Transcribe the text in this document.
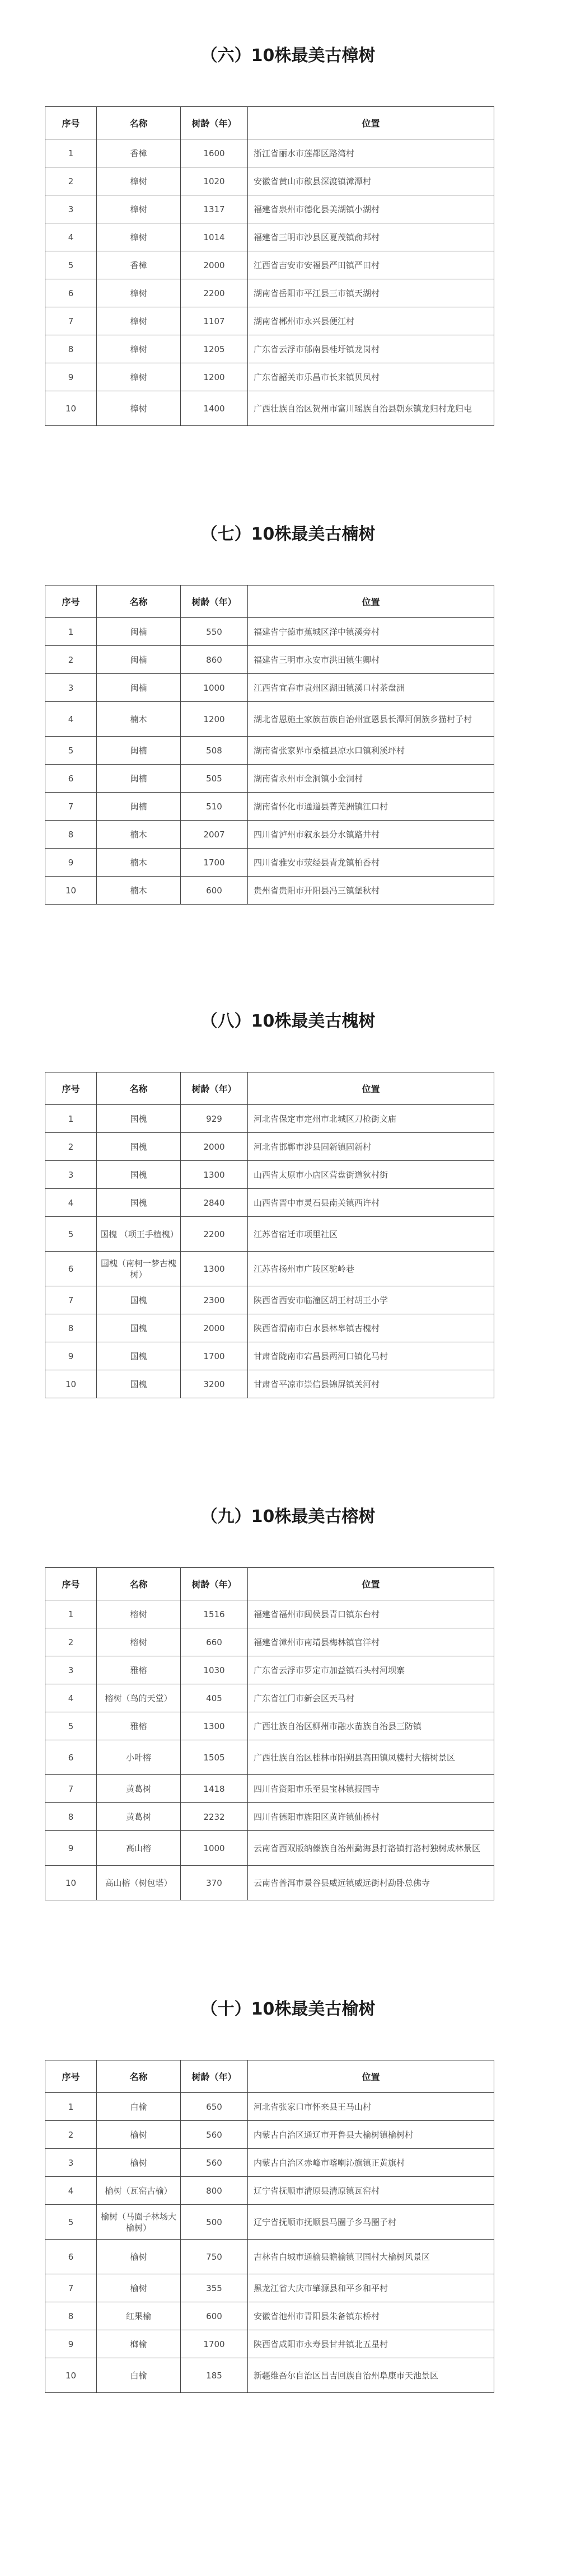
（六）10株最美古樟树
序号	名称	树龄（年）	位置
1	香樟	1600	浙江省丽水市莲都区路湾村
2	樟树	1020	安徽省黄山市歙县深渡镇漳潭村
3	樟树	1317	福建省泉州市德化县美湖镇小湖村
4	樟树	1014	福建省三明市沙县区夏茂镇俞邦村
5	香樟	2000	江西省吉安市安福县严田镇严田村
6	樟树	2200	湖南省岳阳市平江县三市镇天湖村
7	樟树	1107	湖南省郴州市永兴县便江村
8	樟树	1205	广东省云浮市郁南县桂圩镇龙岗村
9	樟树	1200	广东省韶关市乐昌市长来镇贝凤村
10	樟树	1400	广西壮族自治区贺州市富川瑶族自治县朝东镇龙归村龙归屯
（七）10株最美古楠树
序号	名称	树龄（年）	位置
1	闽楠	550	福建省宁德市蕉城区洋中镇溪旁村
2	闽楠	860	福建省三明市永安市洪田镇生卿村
3	闽楠	1000	江西省宜春市袁州区湖田镇溪口村茶盘洲
4	楠木	1200	湖北省恩施土家族苗族自治州宣恩县长潭河侗族乡猫村子村
5	闽楠	508	湖南省张家界市桑植县凉水口镇利溪坪村
6	闽楠	505	湖南省永州市金洞镇小金洞村
7	闽楠	510	湖南省怀化市通道县菁芜洲镇江口村
8	楠木	2007	四川省泸州市叙永县分水镇路井村
9	楠木	1700	四川省雅安市荥经县青龙镇柏香村
10	楠木	600	贵州省贵阳市开阳县冯三镇堡秋村
（八）10株最美古槐树
序号	名称	树龄（年）	位置
1	国槐	929	河北省保定市定州市北城区刀枪街文庙
2	国槐	2000	河北省邯郸市涉县固新镇固新村
3	国槐	1300	山西省太原市小店区营盘街道狄村街
4	国槐	2840	山西省晋中市灵石县南关镇西许村
5	国槐 （项王手植槐）	2200	江苏省宿迁市项里社区
6	国槐（南柯一梦古槐树）	1300	江苏省扬州市广陵区驼岭巷
7	国槐	2300	陕西省西安市临潼区胡王村胡王小学
8	国槐	2000	陕西省渭南市白水县林皋镇古槐村
9	国槐	1700	甘肃省陇南市宕昌县两河口镇化马村
10	国槐	3200	甘肃省平凉市崇信县锦屏镇关河村
（九）10株最美古榕树
序号	名称	树龄（年）	位置
1	榕树	1516	福建省福州市闽侯县青口镇东台村
2	榕树	660	福建省漳州市南靖县梅林镇官洋村
3	雅榕	1030	广东省云浮市罗定市加益镇石头村河坝寨
4	榕树（鸟的天堂）	405	广东省江门市新会区天马村
5	雅榕	1300	广西壮族自治区柳州市融水苗族自治县三防镇
6	小叶榕	1505	广西壮族自治区桂林市阳朔县高田镇凤楼村大榕树景区
7	黄葛树	1418	四川省资阳市乐至县宝林镇报国寺
8	黄葛树	2232	四川省德阳市旌阳区黄许镇仙桥村
9	高山榕	1000	云南省西双版纳傣族自治州勐海县打洛镇打洛村独树成林景区
10	高山榕（树包塔）	370	云南省普洱市景谷县威远镇威远街村勐卧总佛寺
（十）10株最美古榆树
序号	名称	树龄（年）	位置
1	白榆	650	河北省张家口市怀来县王马山村
2	榆树	560	内蒙古自治区通辽市开鲁县大榆树镇榆树村
3	榆树	560	内蒙古自治区赤峰市喀喇沁旗镇正黄旗村
4	榆树（瓦窑古榆）	800	辽宁省抚顺市清原县清原镇瓦窑村
5	榆树（马圈子林场大榆树）	500	辽宁省抚顺市抚顺县马圈子乡马圈子村
6	榆树	750	吉林省白城市通榆县瞻榆镇卫国村大榆树风景区
7	榆树	355	黑龙江省大庆市肇源县和平乡和平村
8	红果榆	600	安徽省池州市青阳县朱备镇东桥村
9	榔榆	1700	陕西省咸阳市永寿县甘井镇北五星村
10	白榆	185	新疆维吾尔自治区昌吉回族自治州阜康市天池景区
